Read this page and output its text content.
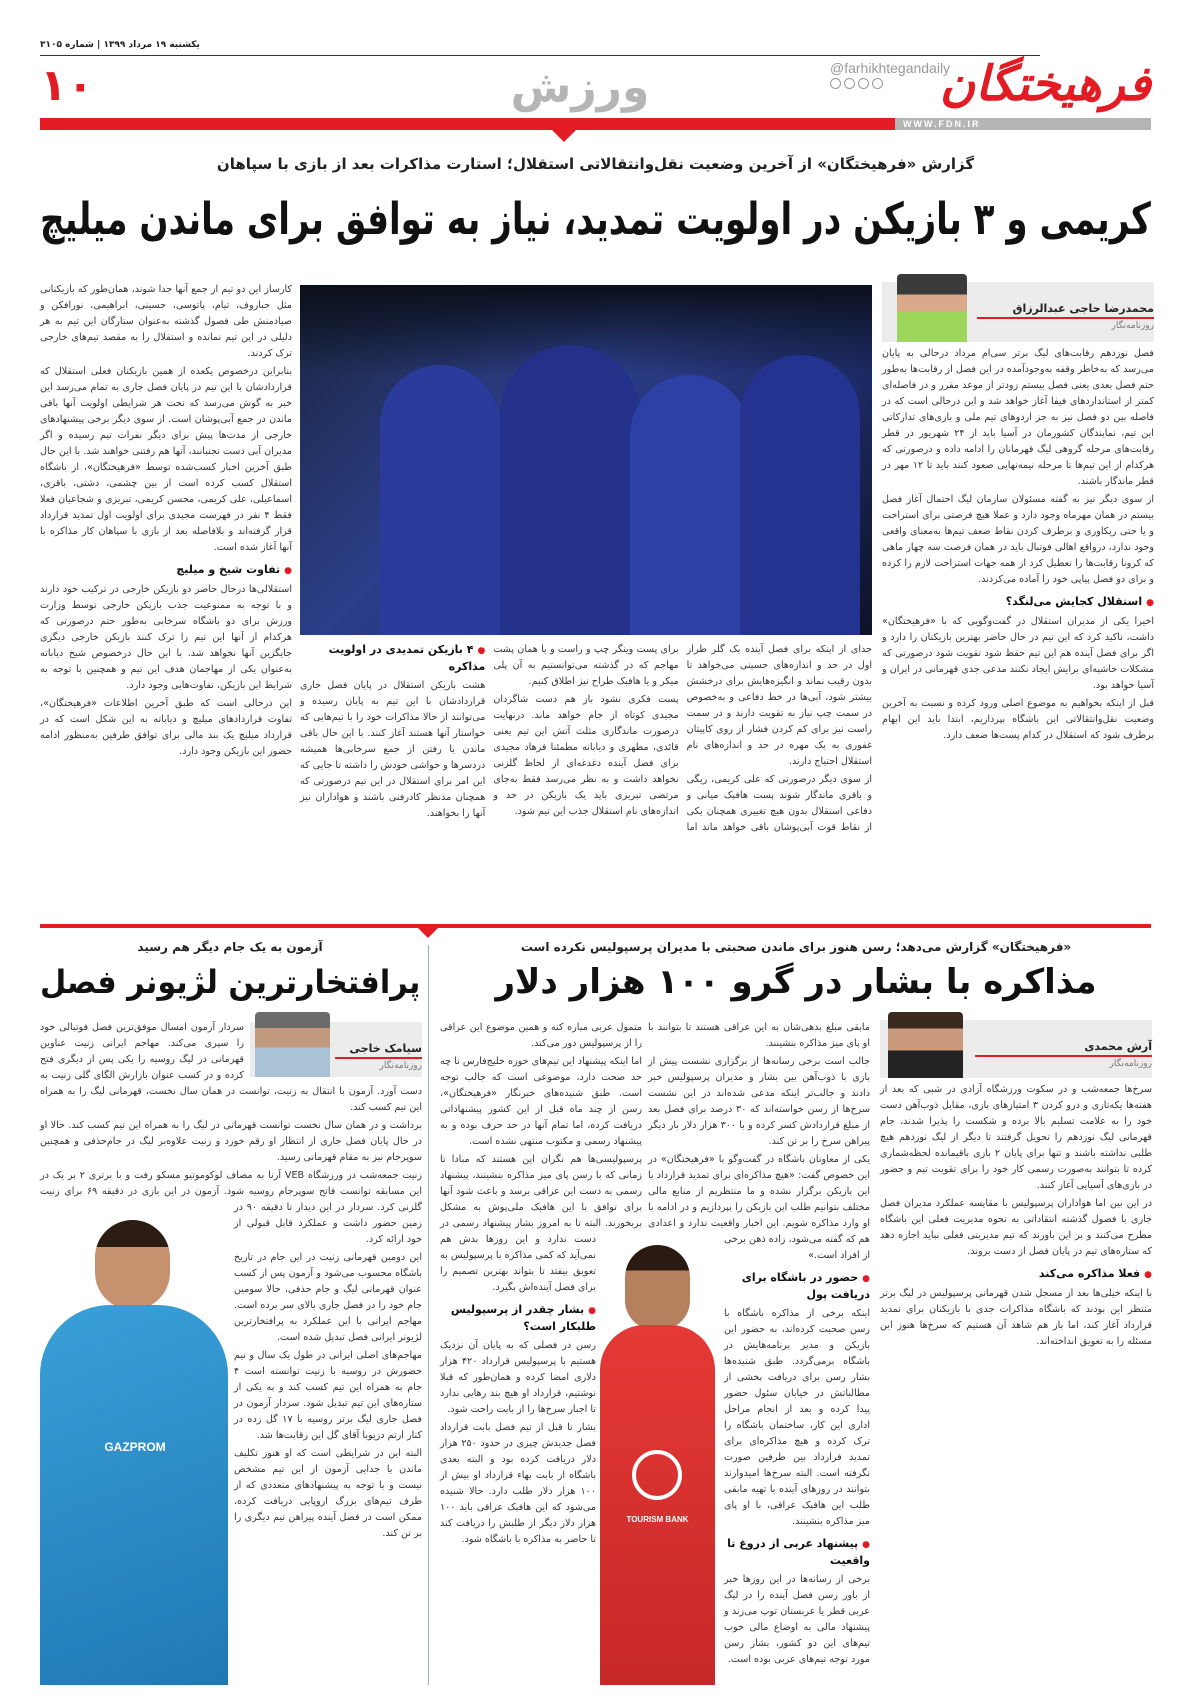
یکشنبه ۱۹ مرداد ۱۳۹۹ | شماره ۳۱۰۵
فرهیختگان
@farhikhtegandaily
ورزش
۱۰
WWW.FDN.IR
گزارش «فرهیختگان» از آخرین وضعیت نقل‌وانتقالاتی استقلال؛ استارت مذاکرات بعد از بازی با سپاهان
کریمی و ۳ بازیکن در اولویت تمدید، نیاز به توافق برای ماندن میلیچ
محمدرضا حاجی عبدالرزاق
روزنامه‌نگار

فصل نوزدهم رقابت‌های لیگ برتر سی‌ام مرداد درحالی به پایان می‌رسد که به‌خاطر وقفه به‌وجودآمده در این فصل از رقابت‌ها به‌طور حتم فصل بعدی یعنی فصل بیستم زودتر از موعد مقرر و در فاصله‌ای کمتر از استانداردهای فیفا آغاز خواهد شد و این درحالی است که در فاصله بین دو فصل نیز به جز اردوهای تیم ملی و بازی‌های تدارکاتی این تیم، نمایندگان کشورمان در آسیا باید از ۲۴ شهریور در قطر رقابت‌های مرحله گروهی لیگ قهرمانان را ادامه داده و درصورتی که هرکدام از این تیم‌ها تا مرحله نیمه‌نهایی صعود کنند باید تا ۱۲ مهر در قطر ماندگار باشند.

از سوی دیگر نیز به گفته مسئولان سازمان لیگ احتمال آغاز فصل بیستم در همان مهرماه وجود دارد و عملا هیچ فرصتی برای استراحت و یا حتی ریکاوری و برطرف کردن نقاط ضعف تیم‌ها به‌معنای واقعی وجود ندارد، درواقع اهالی فوتبال باید در همان فرصت سه چهار ماهی که کرونا رقابت‌ها را تعطیل کرد از همه جهات استراحت لازم را کرده و برای دو فصل پیاپی خود را آماده می‌کردند.

● استقلال کجایش می‌لنگد؟

اخیرا یکی از مدیران استقلال در گفت‌وگویی که با «فرهیختگان» داشت، تاکید کرد که این تیم در حال حاضر بهترین بازیکنان را دارد و اگر برای فصل آینده هم این تیم حفظ شود تقویت شود درصورتی که مشکلات حاشیه‌ای برایش ایجاد نکنند مدعی جدی قهرمانی در ایران و آسیا خواهد بود.

قبل از اینکه بخواهیم به موضوع اصلی ورود کرده و نسبت به آخرین وضعیت نقل‌وانتقالاتی این باشگاه بپردازیم، ابتدا باید این ابهام برطرف شود که استقلال در کدام پست‌ها ضعف دارد.

جدای از اینکه برای فصل آینده یک گلر طراز اول در حد و اندازه‌های حسینی می‌خواهد تا بدون رقیب نماند و انگیزه‌هایش برای درخشش بیشتر شود، آبی‌ها در خط دفاعی و به‌خصوص در سمت چپ نیاز به تقویت دارند و در سمت راست نیز برای کم کردن فشار از روی کاپیتان غفوری به یک مهره در حد و اندازه‌های نام استقلال احتیاج دارند.

از سوی دیگر درصورتی که علی کریمی، ریگی و باقری ماندگار شوند پست هافبک میانی و دفاعی استقلال بدون هیچ تغییری همچنان یکی از نقاط قوت آبی‌پوشان باقی خواهد ماند اما برای پست وینگر چپ و راست و یا همان پشت مهاجم که در گذشته می‌توانستیم به آن پلی میکر و یا هافبک طراح نیز اطلاق کنیم.

پست فکری نشود باز هم دست شاگردان مجیدی کوتاه از جام خواهد ماند. درنهایت درصورت ماندگاری مثلث آتش این تیم یعنی قائدی، مطهری و دیابانه مطمئنا فرهاد مجیدی برای فصل آینده دغدغه‌ای از لحاظ گلزنی نخواهد داشت و به نظر می‌رسد فقط به‌جای مرتضی تبریزی باید یک بازیکن در حد و اندازه‌های نام استقلال جذب این تیم شود.

● ۴ بازیکن تمدیدی در اولویت مذاکره

هشت بازیکن استقلال در پایان فصل جاری قراردادشان با این تیم به پایان رسیده و می‌توانند از حالا مذاکرات خود را با تیم‌هایی که خواستار آنها هستند آغاز کنند. با این حال باقی ماندن یا رفتن از جمع سرخابی‌ها همیشه دردسرها و حواشی خودش را داشته تا جایی که این امر برای استقلال در این تیم درصورتی که همچنان مدنظر کادرفنی باشند و هواداران نیز آنها را بخواهند.

کارساز این دو تیم از جمع آنها جدا شوند، همان‌طور که بازیکنانی مثل جباروف، تیام، پاتوسی، حسینی، ابراهیمی، نورافکن و صیادمنش طی فصول گذشته به‌عنوان ستارگان این تیم به هر دلیلی در این تیم نمانده و استقلال را به مقصد تیم‌های خارجی ترک کردند.

بنابراین درخصوص یکعده از همین بازیکنان فعلی استقلال که قراردادشان با این تیم در پایان فصل جاری به تمام می‌رسد این خبر به گوش می‌رسد که تحت هر شرایطی اولویت آنها باقی ماندن در جمع آبی‌پوشان است. از سوی دیگر برخی پیشنهادهای خارجی از مدت‌ها پیش برای دیگر نفرات تیم رسیده و اگر مدیران آبی دست نجنبانند، آنها هم رفتنی خواهند شد. با این حال طبق آخرین اخبار کسب‌شده توسط «فرهیختگان»، از باشگاه استقلال کسب کرده است از بین چشمی، دشتی، باقری، اسماعیلی، علی کریمی، محسن کریمی، تبریزی و شجاعیان فعلا فقط ۴ نفر در فهرست مجیدی برای اولویت اول تمدید قرارداد قرار گرفته‌اند و بلافاصله بعد از بازی با سپاهان کار مذاکره با آنها آغاز شده است.

● تفاوت شیخ و میلیچ

استقلالی‌ها درحال حاضر دو بازیکن خارجی در ترکیب خود دارند و با توجه به ممنوعیت جذب بازیکن خارجی توسط وزارت ورزش برای دو باشگاه سرخابی به‌طور حتم درصورتی که هرکدام از آنها این تیم را ترک کنند بازیکن خارجی دیگری جایگزین آنها نخواهد شد. با این حال درخصوص شیخ دیاباته به‌عنوان یکی از مهاجمان هدف این تیم و همچنین با توجه به شرایط این بازیکن، تفاوت‌هایی وجود دارد.

این درحالی است که طبق آخرین اطلاعات «فرهیختگان»، تفاوت قراردادهای میلیچ و دیاباته به این شکل است که در قرارداد میلیچ یک بند مالی برای توافق طرفین به‌منظور ادامه حضور این بازیکن وجود دارد.

«فرهیختگان» گزارش می‌دهد؛ رسن هنوز برای ماندن صحبتی با مدیران پرسپولیس نکرده است
مذاکره با بشار در گرو ۱۰۰ هزار دلار
آرش محمدی
روزنامه‌نگار

سرخ‌ها جمعه‌شب و در سکوت ورزشگاه آزادی در شبی که بعد از هفته‌ها یکه‌تازی و درو کردن ۳ امتیازهای بازی، مقابل ذوب‌آهن دست خود را به علامت تسلیم بالا برده و شکست را پذیرا شدند، جام قهرمانی لیگ نوزدهم را تحویل گرفتند تا دیگر از لیگ نوزدهم هیچ طلبی نداشته باشند و تنها برای پایان ۲ بازی باقیمانده لحظه‌شماری کرده تا بتوانند به‌صورت رسمی کار خود را برای تقویت تیم و حضور در بازی‌های آسیایی آغاز کنند.

در این بین اما هواداران پرسپولیس با مقایسه عملکرد مدیران فصل جاری با فصول گذشته انتقاداتی به نحوه مدیریت فعلی این باشگاه مطرح می‌کنند و بر این باورند که تیم مدیریتی فعلی نباید اجازه دهد که ستاره‌های تیم در پایان فصل از دست بروند.

● فعلا مذاکره می‌کند

با اینکه خیلی‌ها بعد از مسجل شدن قهرمانی پرسپولیس در لیگ برتر منتظر این بودند که باشگاه مذاکرات جدی با بازیکنان برای تمدید قرارداد آغاز کند، اما باز هم شاهد آن هستیم که سرخ‌ها هنوز این مسئله را به تعویق انداخته‌اند.

مابقی مبلغ بدهی‌شان به این عراقی هستند تا بتوانند با او پای میز مذاکره بنشینند.

جالب است برخی رسانه‌ها از برگزاری نشست پیش از بازی با ذوب‌آهن بین بشار و مدیران پرسپولیس خبر دادند و جالب‌تر اینکه مدعی شده‌اند در این نشست سرخ‌ها از رسن خواسته‌اند که ۳۰ درصد برای فصل بعد از مبلغ قراردادش کسر کرده و با ۳۰۰ هزار دلار بار دیگر پیراهن سرخ را بر تن کند.

یکی از معاونان باشگاه در گفت‌وگو با «فرهیختگان» در این خصوص گفت: «هیچ مذاکره‌ای برای تمدید قرارداد با این بازیکن برگزار نشده و ما منتظریم از منابع مالی مختلف بتوانیم طلب این بازیکن را بپردازیم و در ادامه با او وارد مذاکره شویم. این اخبار واقعیت ندارد و اعدادی هم که گفته می‌شود، زاده ذهن برخی از افراد است.»

● حضور در باشگاه برای دریافت پول

اینکه برخی از مذاکره باشگاه با رسن صحبت کرده‌اند، به حضور این بازیکن و مدیر برنامه‌هایش در باشگاه برمی‌گردد. طبق شنیده‌ها بشار رسن برای دریافت بخشی از مطالباتش در خیابان سئول حضور پیدا کرده و بعد از انجام مراحل اداری این کار، ساختمان باشگاه را ترک کرده و هیچ مذاکره‌ای برای تمدید قرارداد بین طرفین صورت نگرفته است. البته سرخ‌ها امیدوارند بتوانند در روزهای آینده با تهیه مابقی طلب این هافبک عراقی، با او پای میز مذاکره بنشینند.

● پیشنهاد عربی از دروغ تا واقعیت

برخی از رسانه‌ها در این روزها خبر از باور رسن فصل آینده را در لیگ عربی قطر یا عربستان توپ می‌زند و پیشنهاد مالی به اوضاع مالی خوب تیم‌های این دو کشور، بشار رسن مورد توجه تیم‌های عربی بوده است.

متمول عربی مباره کنه و همین موضوع این عراقی را از پرسپولیس دور می‌کند.

اما اینکه پیشنهاد این تیم‌های حوزه خلیج‌فارس تا چه حد صحت دارد، موضوعی است که جالب توجه است. طبق شنیده‌های خبرنگار «فرهیختگان»، رسن از چند ماه قبل از این کشور پیشنهاداتی دریافت کرده، اما تمام آنها در حد حرف بوده و به پیشنهاد رسمی و مکتوب منتهی نشده است.

پرسپولیسی‌ها هم نگران این هستند که مبادا تا زمانی که با رسن پای میز مذاکره بنشینند، پیشنهاد رسمی به دست این عراقی برسد و باعث شود آنها برای توافق با این هافبک ملی‌پوش به مشکل بربخورند. البته تا به امروز بشار پیشنهاد رسمی در دست ندارد و این روزها بدش هم نمی‌آید که کمی مذاکره با پرسپولیس به تعویق بیفتد تا بتواند بهترین تصمیم را برای فصل آینده‌اش بگیرد.

● بشار چقدر از پرسپولیس طلبکار است؟

رسن در فصلی که به پایان آن نزدیک هستیم با پرسپولیس قرارداد ۴۲۰ هزار دلاری امضا کرده و همان‌طور که قبلا نوشتیم، قرارداد او هیچ بند رهایی ندارد تا اجبار سرخ‌ها را از بابت راحت شود.

بشار تا قبل از تیم فصل بابت قرارداد فصل جدیدش چیزی در حدود ۲۵۰ هزار دلار دریافت کرده بود و البته بعدی باشگاه از بابت بهاء قرارداد او بیش از ۱۰۰ هزار دلار طلب دارد. حالا شنیده می‌شود که این هافبک عراقی باید ۱۰۰ هزار دلار دیگر از طلبش را دریافت کند تا حاضر به مذاکره با باشگاه شود.

TOURISM BANK
آزمون به یک جام دیگر هم رسید
پرافتخارترین لژیونر فصل

سردار آزمون امسال موفق‌ترین فصل فوتبالی خود را سپری می‌کند. مهاجم ایرانی زنیت عناوین قهرمانی در لیگ روسیه را یکی پس از دیگری فتح کرده و در کسب عنوان بازارش الگای گلی زنیت به دست آورد. آزمون با انتقال به زنیت، توانست در همان سال نخست، قهرمانی لیگ را به همراه این تیم کسب کند.

برداشت و در همان سال نخست توانست قهرمانی در لیگ را به همراه این تیم کسب کند. حالا او در حال پایان فصل جاری از انتظار او رقم خورد و زنیت علاوه‌بر لیگ در جام‌حذفی و همچنین سوپرجام نیز به مقام قهرمانی رسید.

زنیت جمعه‌شب در ورزشگاه VEB آرنا به مصاف لوکوموتیو مسکو رفت و با برتری ۲ بر یک در این مسابقه توانست فاتح سوپرجام روسیه شود. آزمون در این بازی در دقیقه ۶۹ برای زنیت گلزنی کرد. سردار در این دیدار تا دقیقه ۹۰ در زمین حضور داشت و عملکرد قابل قبولی از خود ارائه کرد.

این دومین قهرمانی زنیت در این جام در تاریخ باشگاه محسوب می‌شود و آزمون پس از کسب عنوان قهرمانی لیگ و جام حذفی، حالا سومین جام خود را در فصل جاری بالای سر برده است. مهاجم ایرانی با این عملکرد به پرافتخارترین لژیونر ایرانی فصل تبدیل شده است.

مهاجم‌های اصلی ایرانی در طول یک سال و نیم حضورش در روسیه با زنیت توانسته است ۴ جام به همراه این تیم کسب کند و به یکی از ستاره‌های این تیم تبدیل شود. سردار آزمون در فصل جاری لیگ برتر روسیه با ۱۷ گل زده در کنار ارتم دزیوبا آقای گل این رقابت‌ها شد.

البته این در شرایطی است که او هنوز تکلیف ماندن یا جدایی آزمون از این تیم مشخص نیست و با توجه به پیشنهادهای متعددی که از طرف تیم‌های بزرگ اروپایی دریافت کرده، ممکن است در فصل آینده پیراهن تیم دیگری را بر تن کند.

سیامک خاجی
روزنامه‌نگار
GAZPROM
